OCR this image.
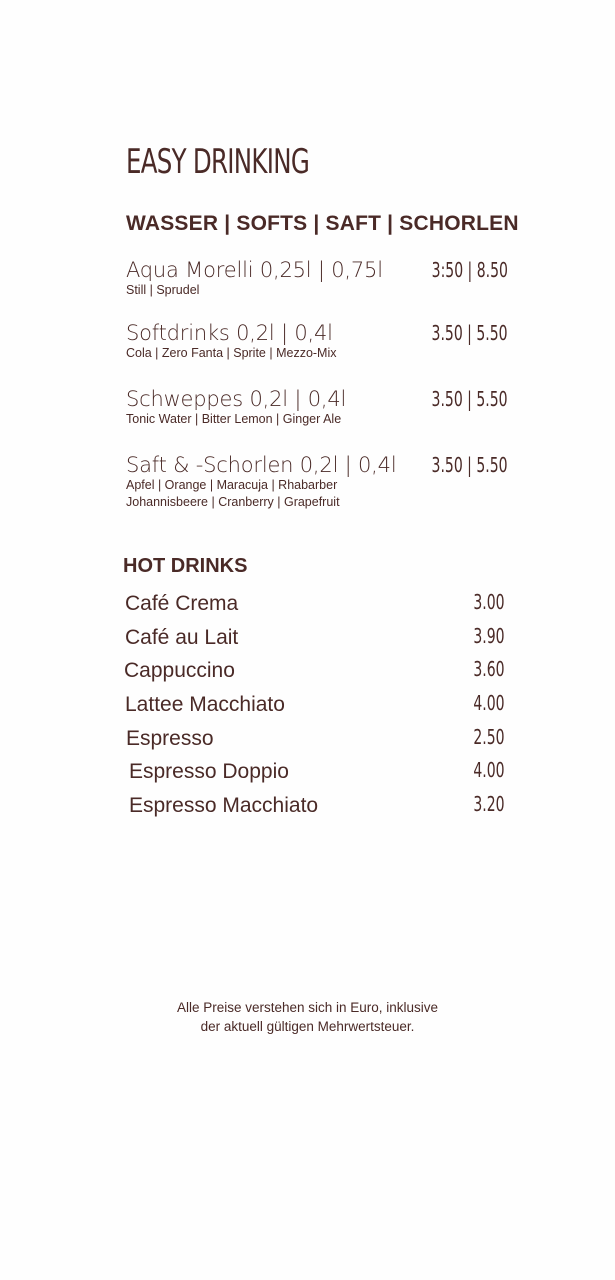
EASY DRINKING
WASSER | SOFTS | SAFT | SCHORLEN
Aqua Morelli 0,25l | 0,75l
Still | Sprudel
3:50 | 8.50
Softdrinks 0,2l | 0,4l
Cola | Zero Fanta | Sprite | Mezzo-Mix
3.50 | 5.50
Schweppes 0,2l | 0,4l
Tonic Water | Bitter Lemon | Ginger Ale
3.50 | 5.50
Saft & -Schorlen 0,2l | 0,4l
Apfel | Orange | Maracuja | Rhabarber
Johannisbeere | Cranberry | Grapefruit
3.50 | 5.50
HOT DRINKS
Café Crema	3.00
Café au Lait	3.90
Cappuccino	3.60
Lattee Macchiato	4.00
Espresso	2.50
Espresso Doppio	4.00
Espresso Macchiato	3.20
Alle Preise verstehen sich in Euro, inklusive
der aktuell gültigen Mehrwertsteuer.
